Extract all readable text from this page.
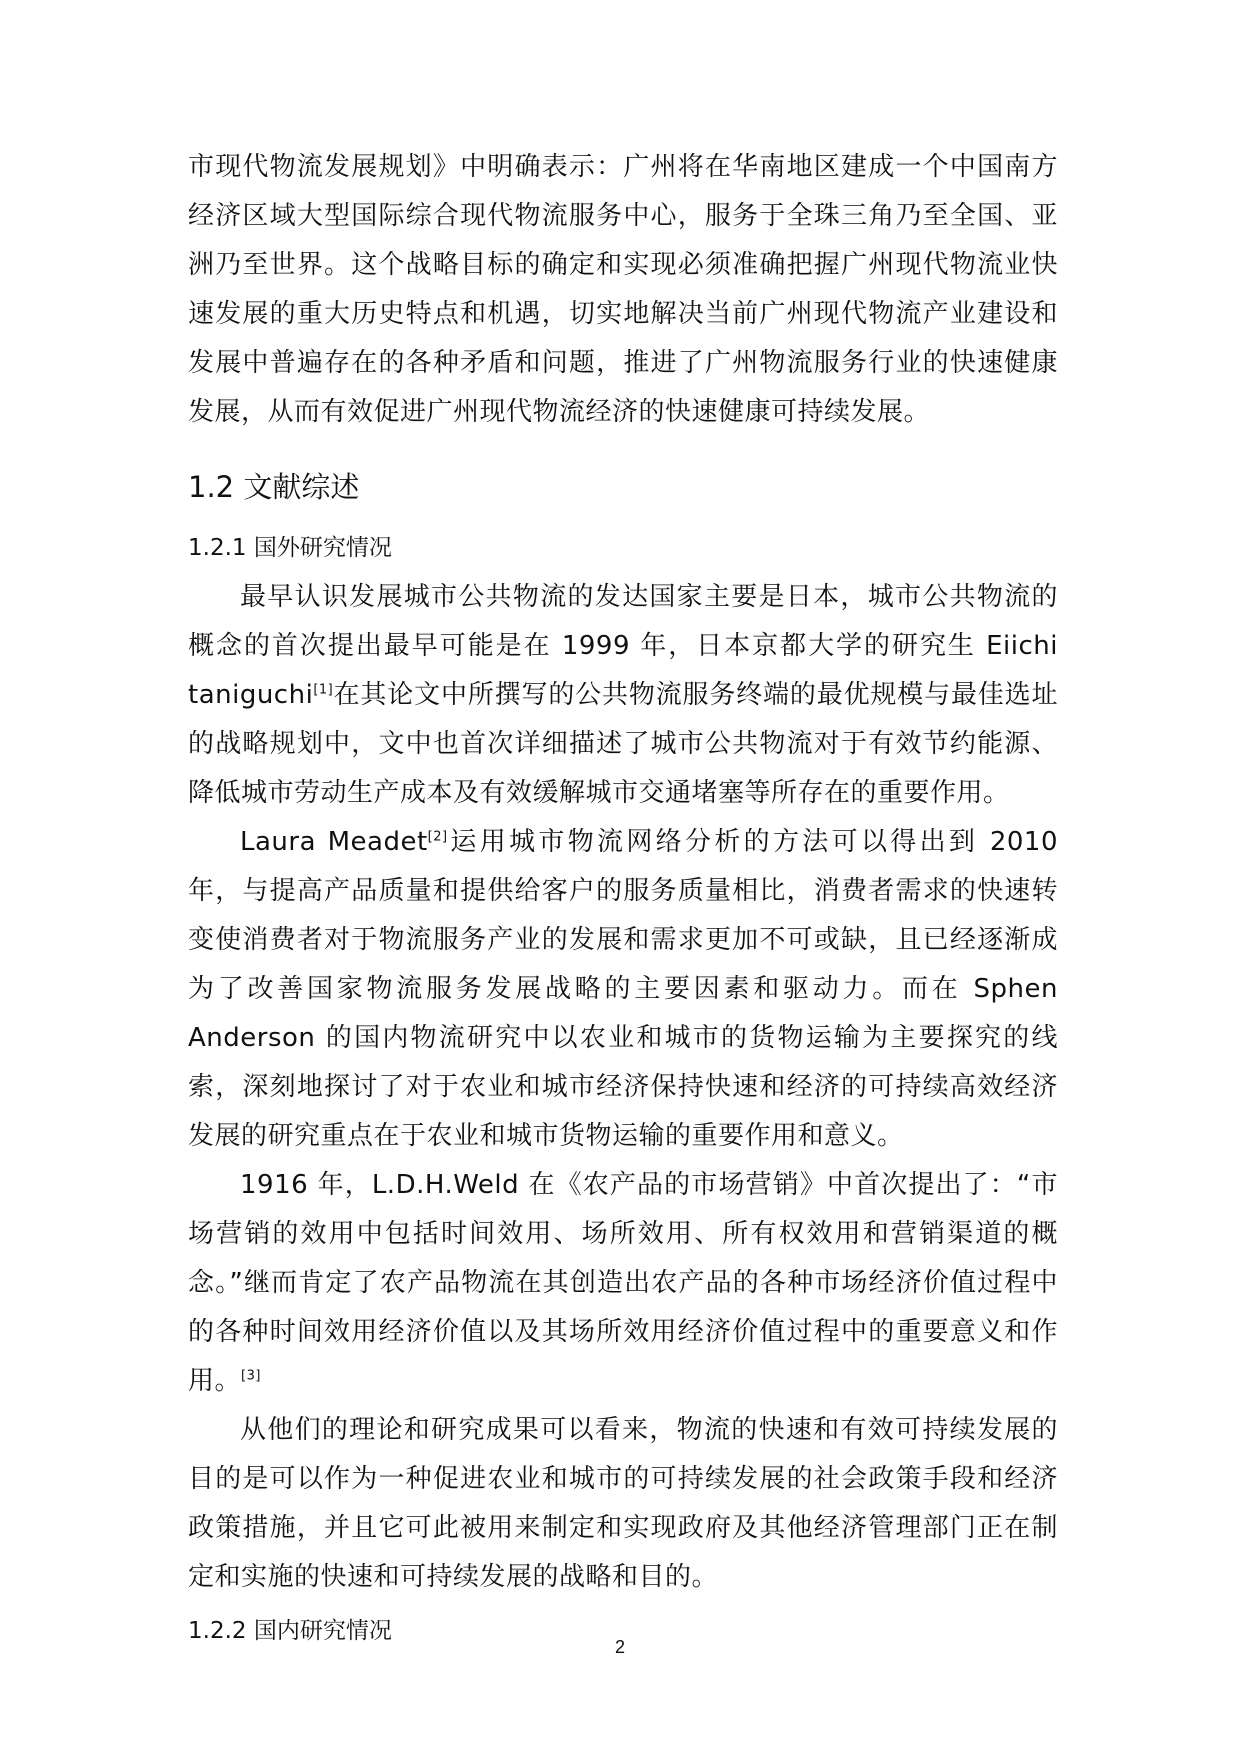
市现代物流发展规划》中明确表示：广州将在华南地区建成一个中国南方经济区域大型国际综合现代物流服务中心，服务于全珠三角乃至全国、亚洲乃至世界。这个战略目标的确定和实现必须准确把握广州现代物流业快速发展的重大历史特点和机遇，切实地解决当前广州现代物流产业建设和发展中普遍存在的各种矛盾和问题，推进了广州物流服务行业的快速健康发展，从而有效促进广州现代物流经济的快速健康可持续发展。

1.2 文献综述
1.2.1 国外研究情况

最早认识发展城市公共物流的发达国家主要是日本，城市公共物流的概念的首次提出最早可能是在 1999 年，日本京都大学的研究生 Eiichi taniguchi[1]在其论文中所撰写的公共物流服务终端的最优规模与最佳选址的战略规划中，文中也首次详细描述了城市公共物流对于有效节约能源、降低城市劳动生产成本及有效缓解城市交通堵塞等所存在的重要作用。

Laura Meadet[2]运用城市物流网络分析的方法可以得出到 2010 年，与提高产品质量和提供给客户的服务质量相比，消费者需求的快速转变使消费者对于物流服务产业的发展和需求更加不可或缺，且已经逐渐成为了改善国家物流服务发展战略的主要因素和驱动力。而在 Sphen Anderson 的国内物流研究中以农业和城市的货物运输为主要探究的线索，深刻地探讨了对于农业和城市经济保持快速和经济的可持续高效经济发展的研究重点在于农业和城市货物运输的重要作用和意义。

1916 年，L.D.H.Weld 在《农产品的市场营销》中首次提出了：“市场营销的效用中包括时间效用、场所效用、所有权效用和营销渠道的概念。”继而肯定了农产品物流在其创造出农产品的各种市场经济价值过程中的各种时间效用经济价值以及其场所效用经济价值过程中的重要意义和作用。[3]

从他们的理论和研究成果可以看来，物流的快速和有效可持续发展的目的是可以作为一种促进农业和城市的可持续发展的社会政策手段和经济政策措施，并且它可此被用来制定和实现政府及其他经济管理部门正在制定和实施的快速和可持续发展的战略和目的。

1.2.2 国内研究情况
2
